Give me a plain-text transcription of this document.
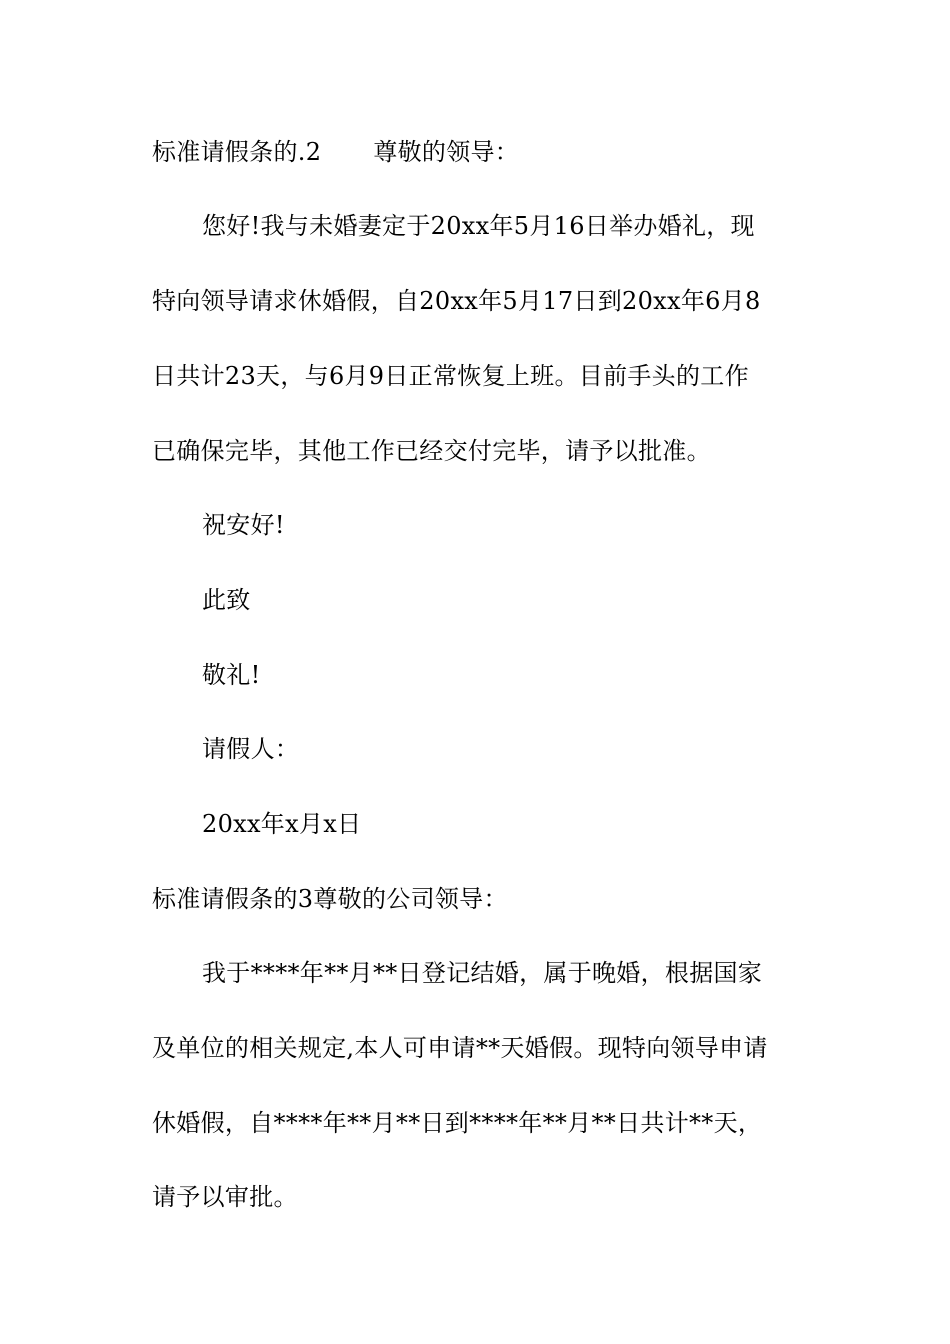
标准请假条的.2 尊敬的领导：
您好!我与未婚妻定于20xx年5月16日举办婚礼，现
特向领导请求休婚假，自20xx年5月17日到20xx年6月8
日共计23天，与6月9日正常恢复上班。目前手头的工作
已确保完毕，其他工作已经交付完毕，请予以批准。
祝安好!
此致
敬礼!
请假人：
20xx年x月x日
标准请假条的3尊敬的公司领导：
我于****年**月**日登记结婚，属于晚婚，根据国家
及单位的相关规定,本人可申请**天婚假。现特向领导申请
休婚假，自****年**月**日到****年**月**日共计**天，
请予以审批。
